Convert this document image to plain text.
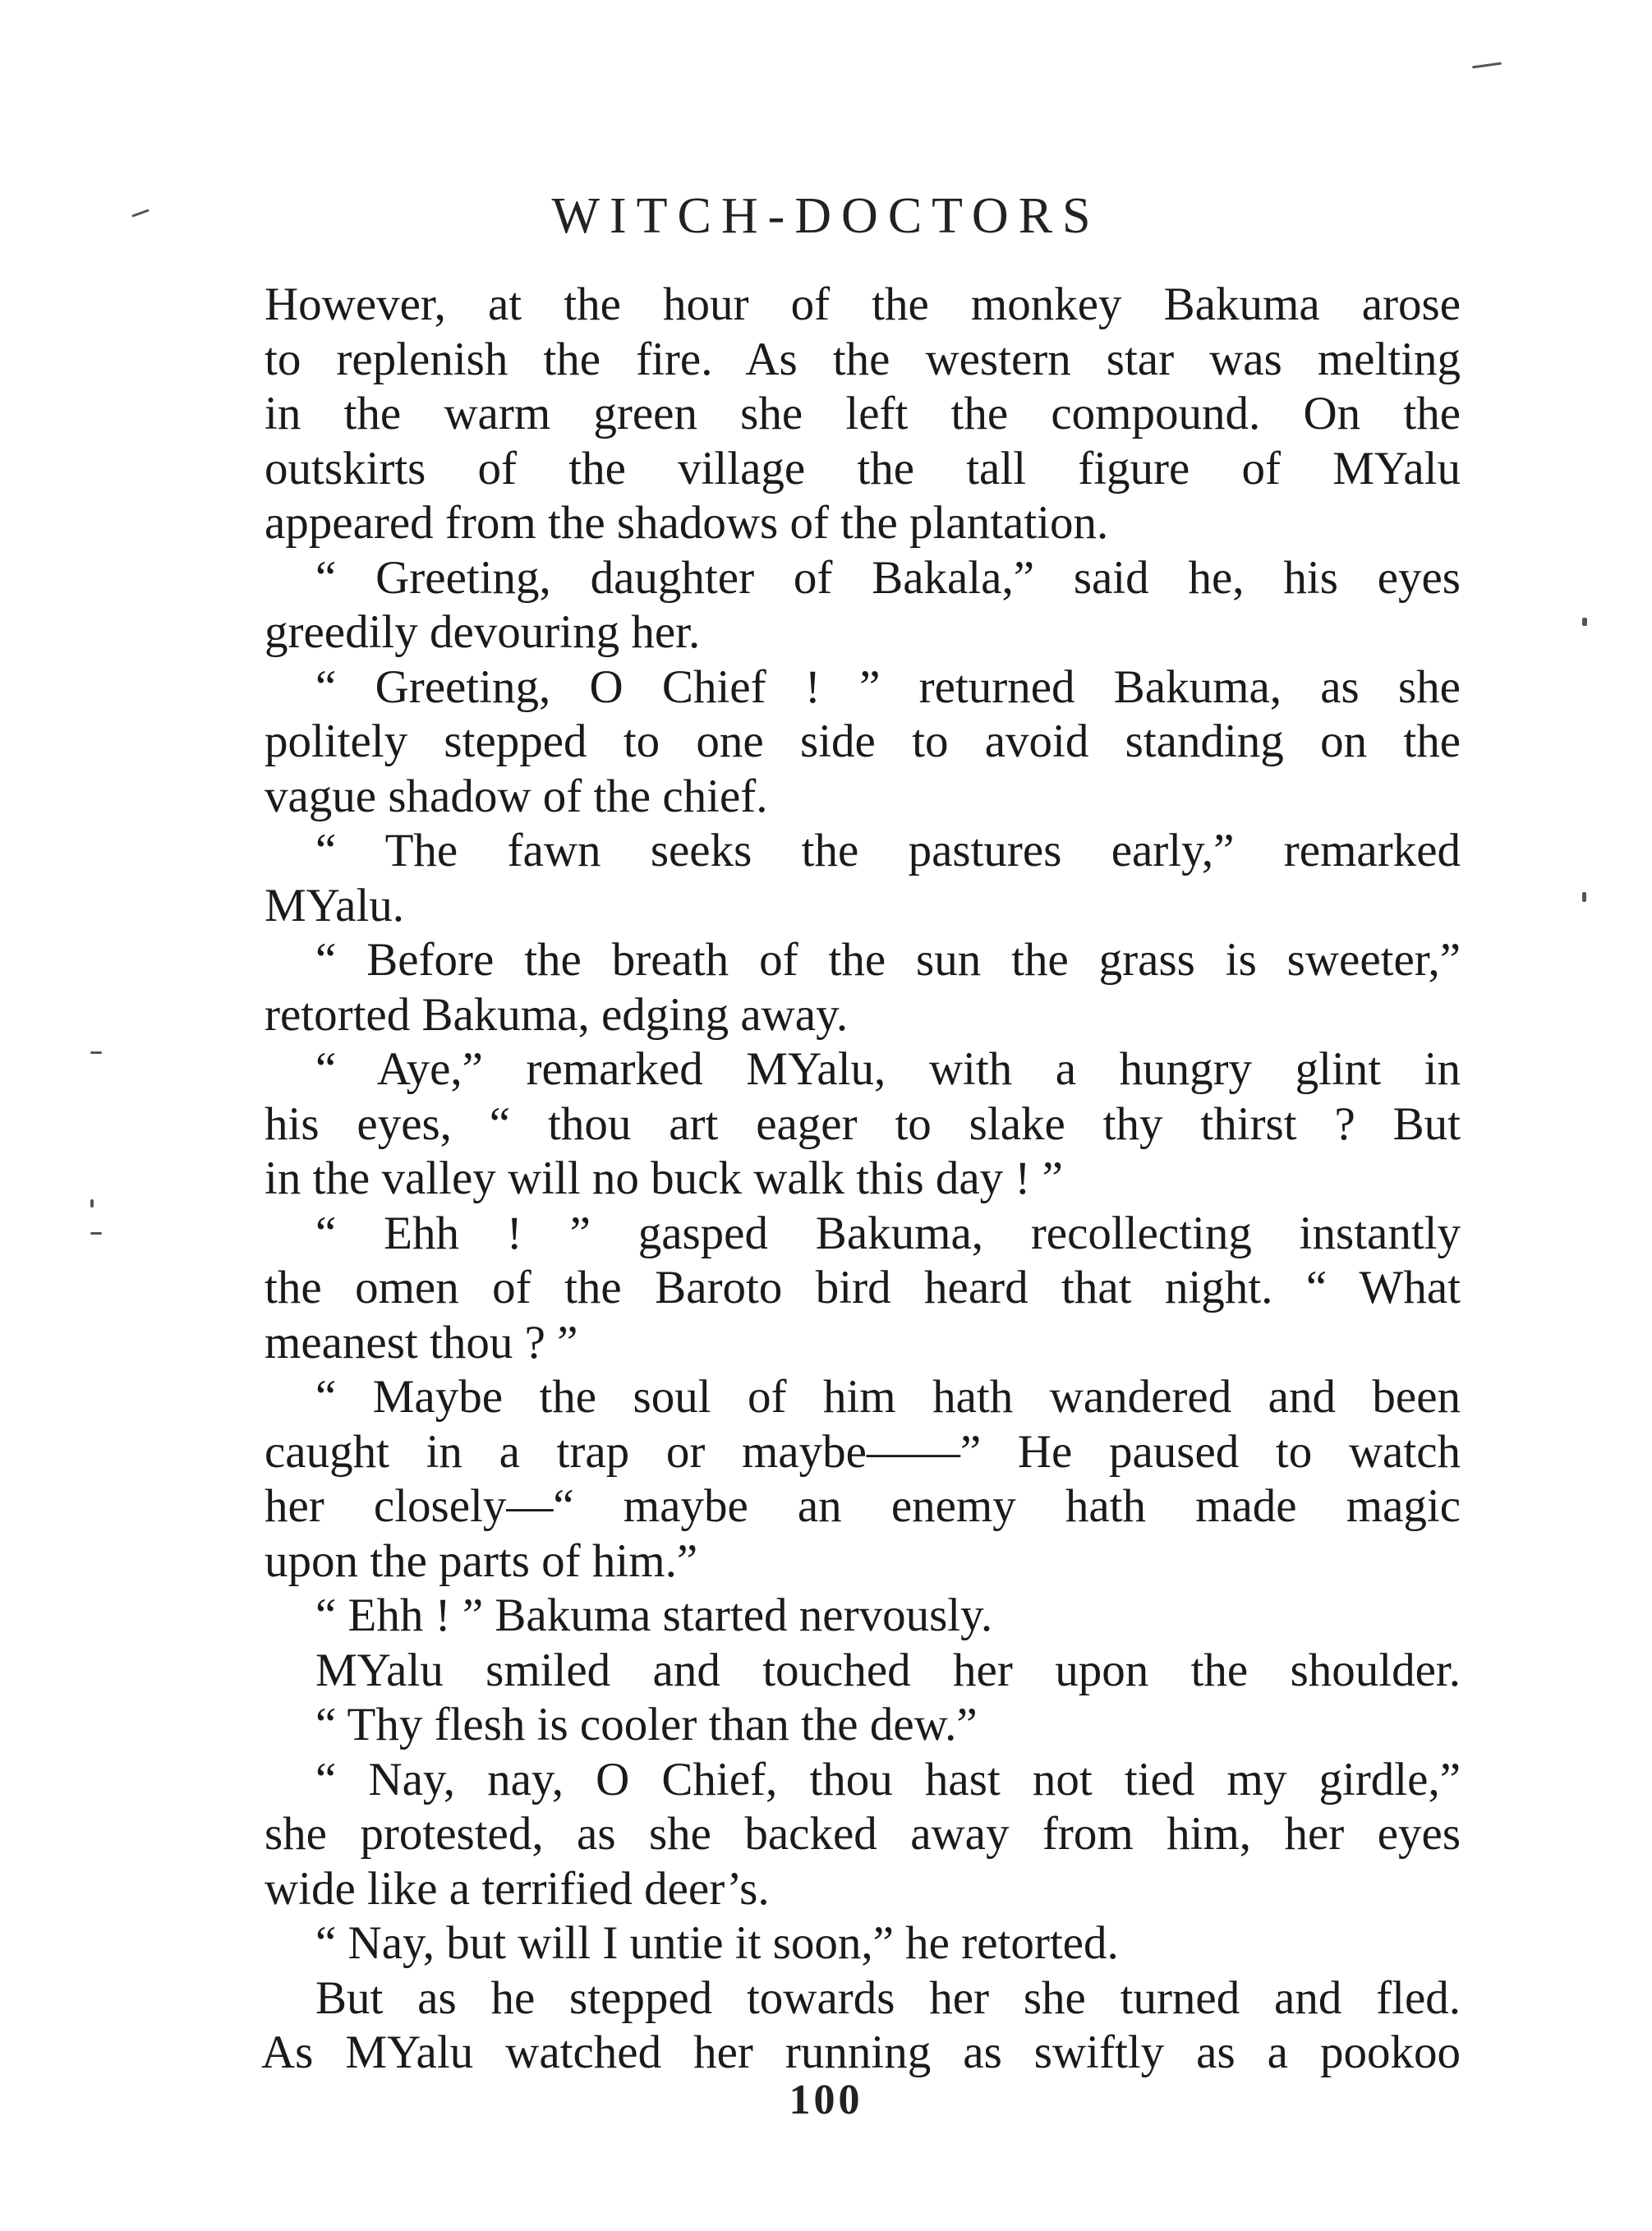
WITCH-DOCTORS
However, at the hour of the monkey Bakuma arose
to replenish the fire. As the western star was melting
in the warm green she left the compound. On the
outskirts of the village the tall figure of MYalu
appeared from the shadows of the plantation.
“ Greeting, daughter of Bakala,” said he, his eyes
greedily devouring her.
“ Greeting, O Chief ! ” returned Bakuma, as she
politely stepped to one side to avoid standing on the
vague shadow of the chief.
“ The fawn seeks the pastures early,” remarked
MYalu.
“ Before the breath of the sun the grass is sweeter,”
retorted Bakuma, edging away.
“ Aye,” remarked MYalu, with a hungry glint in
his eyes, “ thou art eager to slake thy thirst ? But
in the valley will no buck walk this day ! ”
“ Ehh ! ” gasped Bakuma, recollecting instantly
the omen of the Baroto bird heard that night. “ What
meanest thou ? ”
“ Maybe the soul of him hath wandered and been
caught in a trap or maybe——” He paused to watch
her closely—“ maybe an enemy hath made magic
upon the parts of him.”
“ Ehh ! ” Bakuma started nervously.
MYalu smiled and touched her upon the shoulder.
“ Thy flesh is cooler than the dew.”
“ Nay, nay, O Chief, thou hast not tied my girdle,”
she protested, as she backed away from him, her eyes
wide like a terrified deer’s.
“ Nay, but will I untie it soon,” he retorted.
But as he stepped towards her she turned and fled.
As MYalu watched her running as swiftly as a pookoo
100
